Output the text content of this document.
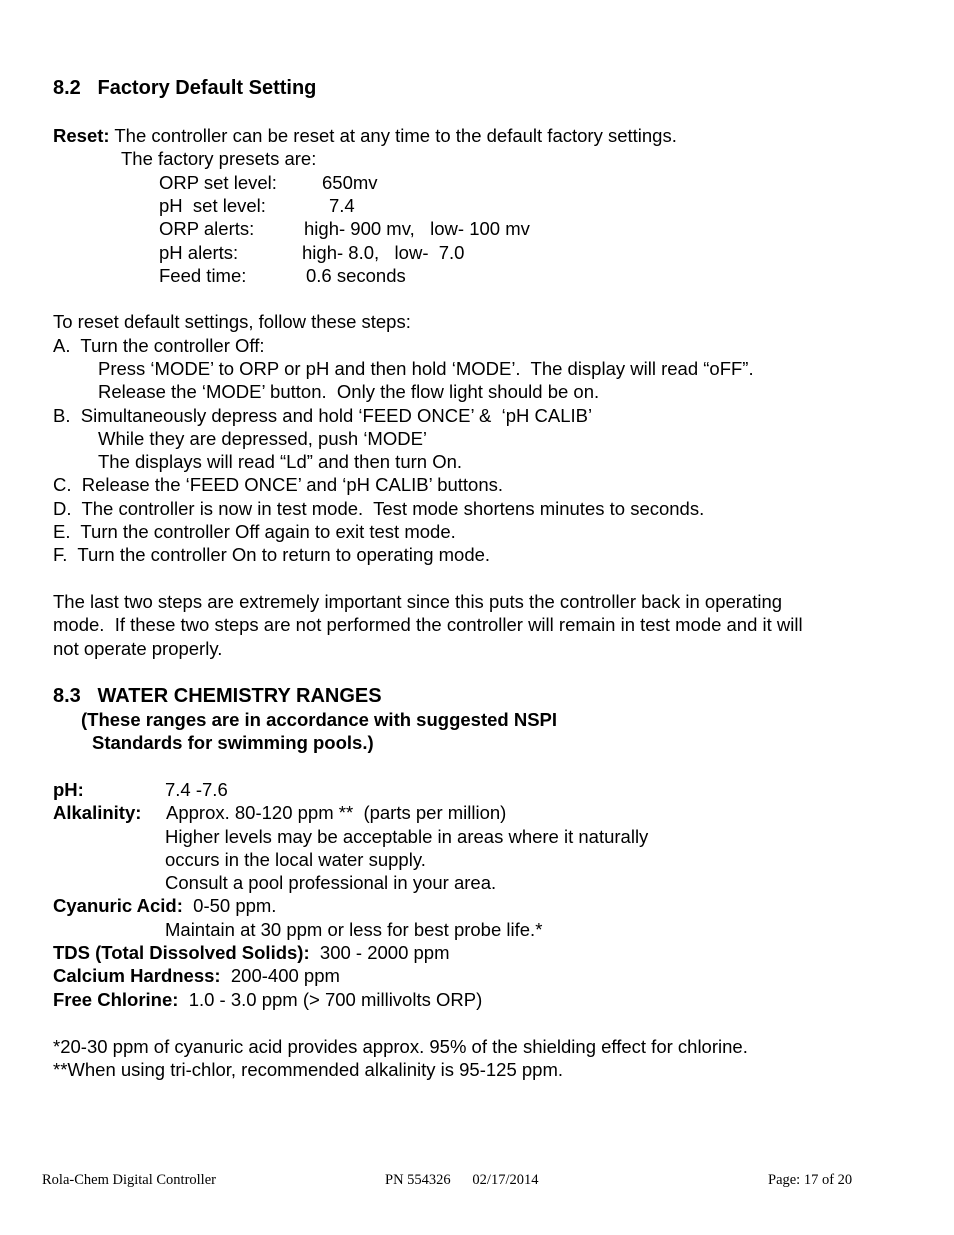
8.2   Factory Default Setting
Reset: The controller can be reset at any time to the default factory settings.
The factory presets are:
ORP set level: 650mv
pH  set level:	7.4
ORP alerts:	high- 900 mv,   low- 100 mv
pH alerts:	high- 8.0,   low-  7.0
Feed time:	0.6 seconds
To reset default settings, follow these steps:
A.  Turn the controller Off:
Press ‘MODE’ to ORP or pH and then hold ‘MODE’.  The display will read “oFF”.
Release the ‘MODE’ button.  Only the flow light should be on.
B.  Simultaneously depress and hold ‘FEED ONCE’ &  ‘pH CALIB’
While they are depressed, push ‘MODE’
The displays will read “Ld” and then turn On.
C.  Release the ‘FEED ONCE’ and ‘pH CALIB’ buttons.
D.  The controller is now in test mode.  Test mode shortens minutes to seconds.
E.  Turn the controller Off again to exit test mode.
F.  Turn the controller On to return to operating mode.
The last two steps are extremely important since this puts the controller back in operating
mode.  If these two steps are not performed the controller will remain in test mode and it will
not operate properly.
8.3   WATER CHEMISTRY RANGES
(These ranges are in accordance with suggested NSPI
Standards for swimming pools.)
pH:	7.4 -7.6
Alkalinity: Approx. 80-120 ppm **  (parts per million)
Higher levels may be acceptable in areas where it naturally
occurs in the local water supply.
Consult a pool professional in your area.
Cyanuric Acid:  0-50 ppm.
Maintain at 30 ppm or less for best probe life.*
TDS (Total Dissolved Solids):  300 - 2000 ppm
Calcium Hardness:  200-400 ppm
Free Chlorine:  1.0 - 3.0 ppm (> 700 millivolts ORP)
*20-30 ppm of cyanuric acid provides approx. 95% of the shielding effect for chlorine.
**When using tri-chlor, recommended alkalinity is 95-125 ppm.
Rola-Chem Digital Controller	PN 554326      02/17/2014	Page: 17 of 20
